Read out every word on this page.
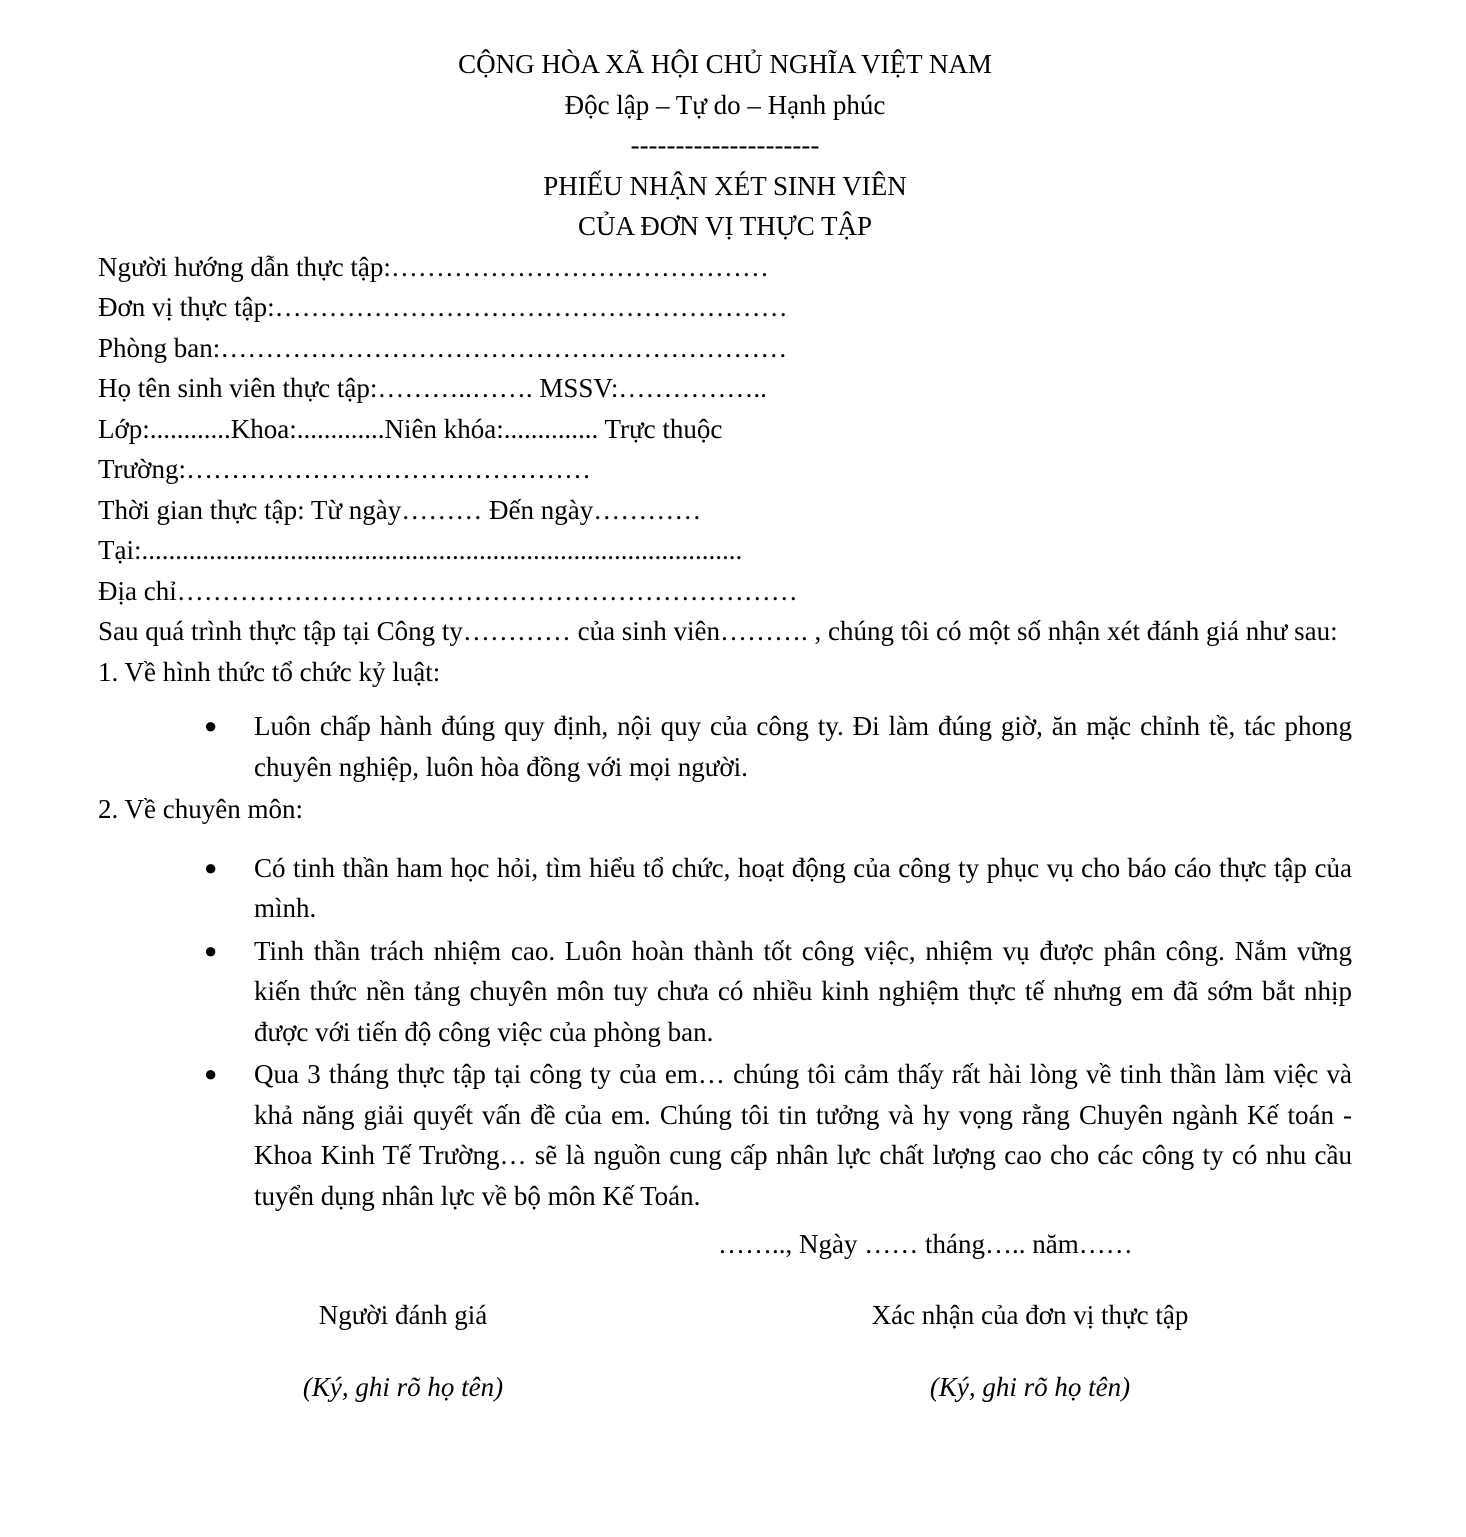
CỘNG HÒA XÃ HỘI CHỦ NGHĨA VIỆT NAM
Độc lập – Tự do – Hạnh phúc
---------------------
PHIẾU NHẬN XÉT SINH VIÊN
CỦA ĐƠN VỊ THỰC TẬP
Người hướng dẫn thực tập:……………………………………
Đơn vị thực tập:…………………………………………………
Phòng ban:………………………………………………………
Họ tên sinh viên thực tập:………..……. MSSV:……………..
Lớp:............Khoa:.............Niên khóa:.............. Trực thuộc
Trường:………………………………………
Thời gian thực tập: Từ ngày……… Đến ngày…………
Tại:.........................................................................................
Địa chỉ……………………………………………………………
Sau quá trình thực tập tại Công ty………… của sinh viên………. , chúng tôi có một số nhận xét đánh giá như sau:
1. Về hình thức tổ chức kỷ luật:
● Luôn chấp hành đúng quy định, nội quy của công ty. Đi làm đúng giờ, ăn mặc chỉnh tề, tác phong chuyên nghiệp, luôn hòa đồng với mọi người.
2. Về chuyên môn:
● Có tinh thần ham học hỏi, tìm hiểu tổ chức, hoạt động của công ty phục vụ cho báo cáo thực tập của mình.
● Tinh thần trách nhiệm cao. Luôn hoàn thành tốt công việc, nhiệm vụ được phân công. Nắm vững kiến thức nền tảng chuyên môn tuy chưa có nhiều kinh nghiệm thực tế nhưng em đã sớm bắt nhịp được với tiến độ công việc của phòng ban.
● Qua 3 tháng thực tập tại công ty của em… chúng tôi cảm thấy rất hài lòng về tinh thần làm việc và khả năng giải quyết vấn đề của em. Chúng tôi tin tưởng và hy vọng rằng Chuyên ngành Kế toán - Khoa Kinh Tế Trường… sẽ là nguồn cung cấp nhân lực chất lượng cao cho các công ty có nhu cầu tuyển dụng nhân lực về bộ môn Kế Toán.
…….., Ngày …… tháng….. năm……
Người đánh giá
(Ký, ghi rõ họ tên)
Xác nhận của đơn vị thực tập
(Ký, ghi rõ họ tên)
